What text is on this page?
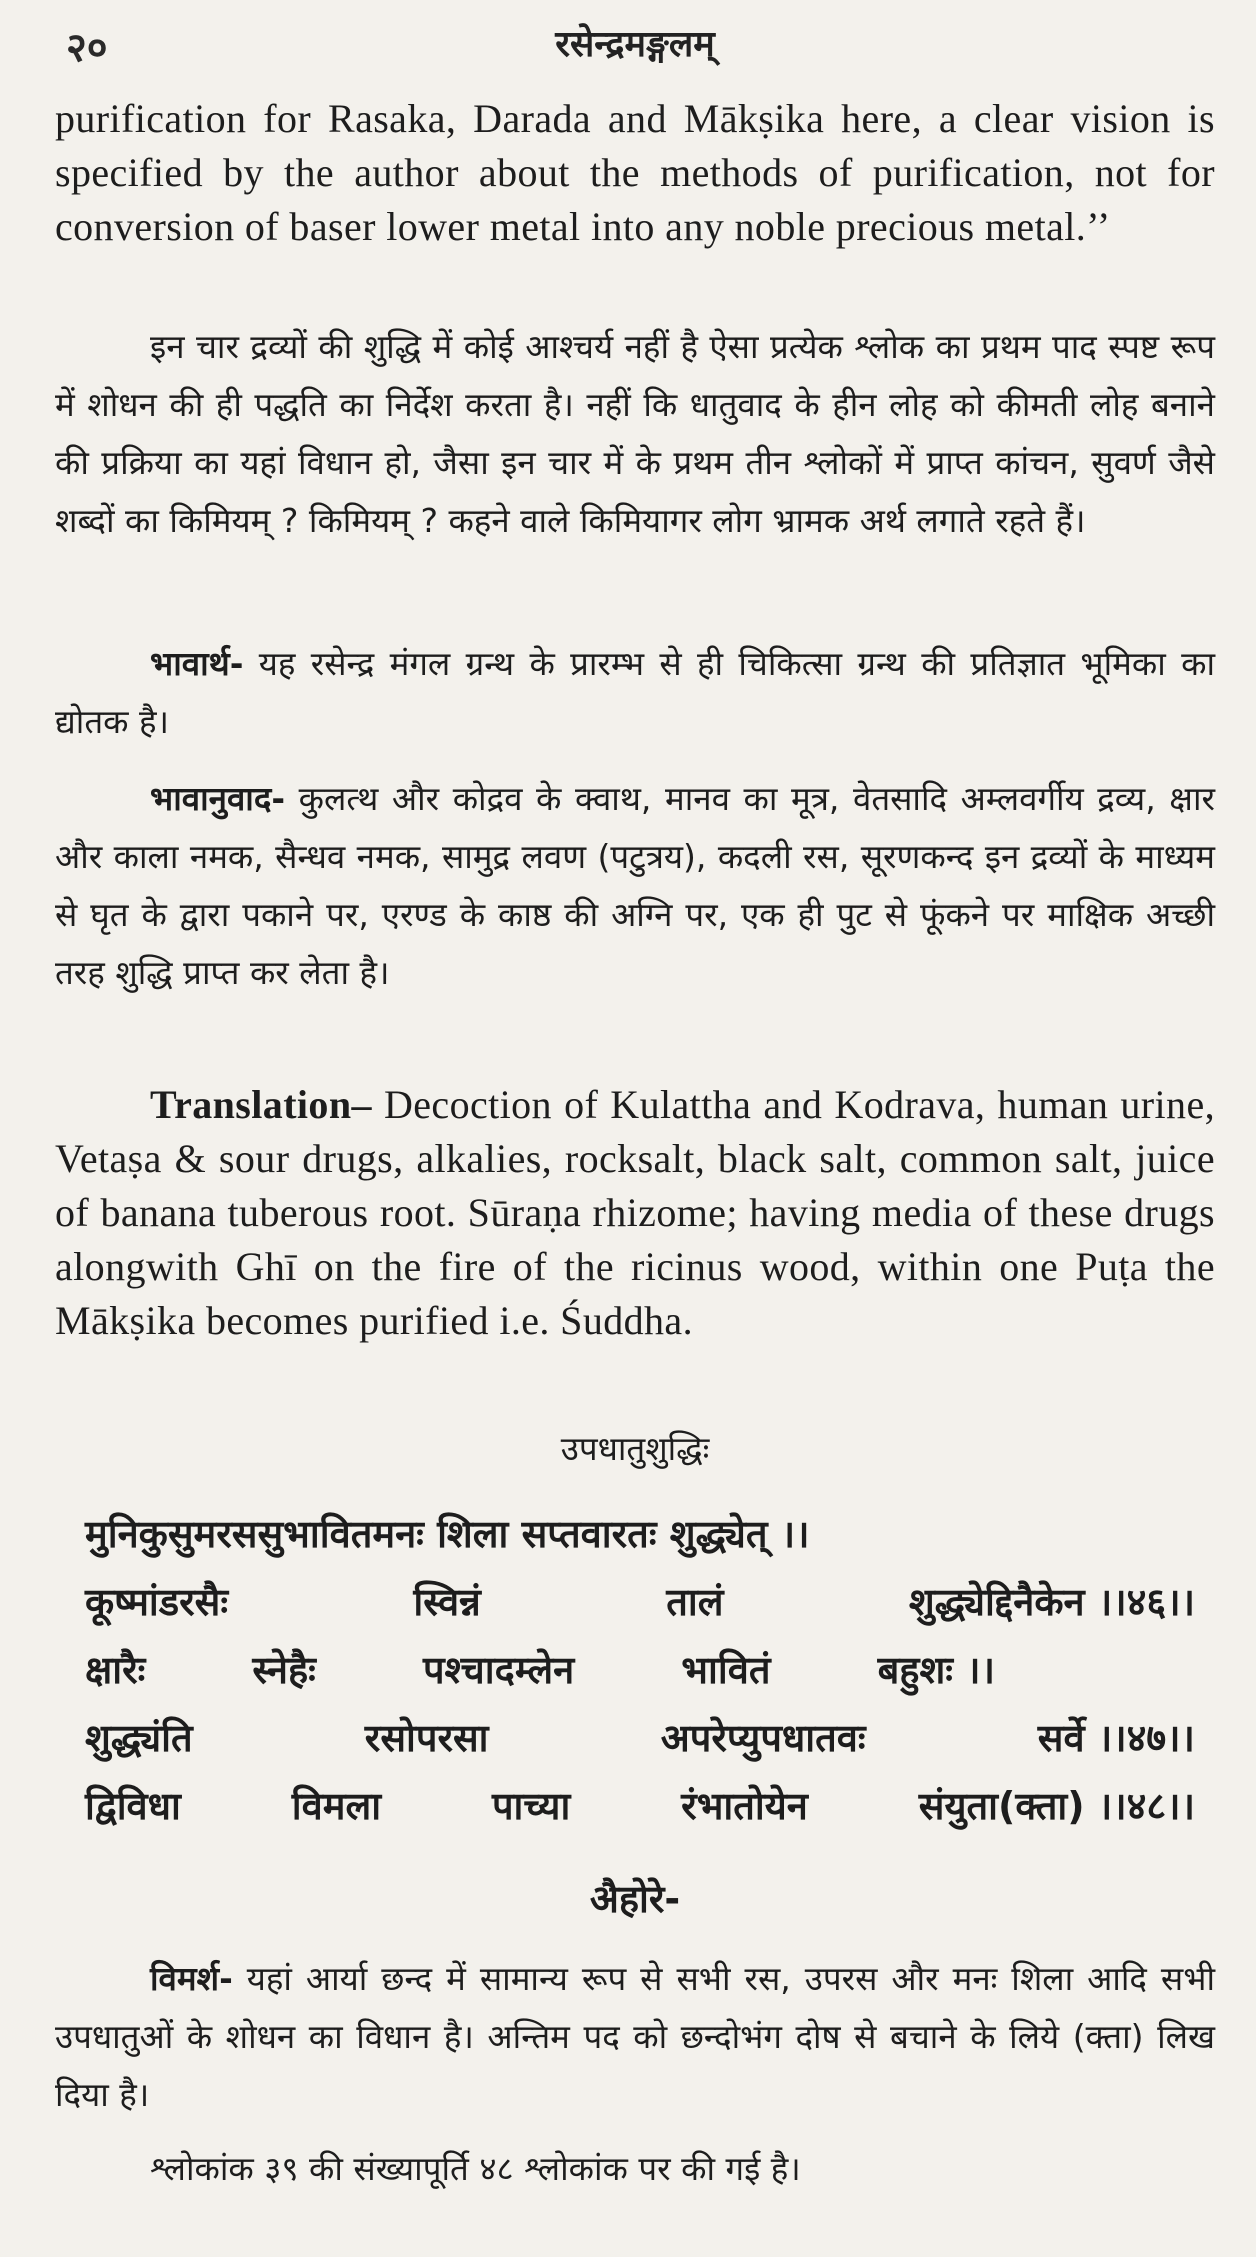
२०	रसेन्द्रमङ्गलम्

purification for Rasaka, Darada and Mākṣika here, a clear vision is specified by the author about the methods of purification, not for conversion of baser lower metal into any noble precious metal.’’

इन चार द्रव्यों की शुद्धि में कोई आश्चर्य नहीं है ऐसा प्रत्येक श्लोक का प्रथम पाद स्पष्ट रूप में शोधन की ही पद्धति का निर्देश करता है। नहीं कि धातुवाद के हीन लोह को कीमती लोह बनाने की प्रक्रिया का यहां विधान हो, जैसा इन चार में के प्रथम तीन श्लोकों में प्राप्त कांचन, सुवर्ण जैसे शब्दों का किमियम् ? किमियम् ? कहने वाले किमियागर लोग भ्रामक अर्थ लगाते रहते हैं।

भावार्थ- यह रसेन्द्र मंगल ग्रन्थ के प्रारम्भ से ही चिकित्सा ग्रन्थ की प्रतिज्ञात भूमिका का द्योतक है।

भावानुवाद- कुलत्थ और कोद्रव के क्वाथ, मानव का मूत्र, वेतसादि अम्लवर्गीय द्रव्य, क्षार और काला नमक, सैन्धव नमक, सामुद्र लवण (पटुत्रय), कदली रस, सूरणकन्द इन द्रव्यों के माध्यम से घृत के द्वारा पकाने पर, एरण्ड के काष्ठ की अग्नि पर, एक ही पुट से फूंकने पर माक्षिक अच्छी तरह शुद्धि प्राप्त कर लेता है।

Translation– Decoction of Kulattha and Kodrava, human urine, Vetaṣa & sour drugs, alkalies, rocksalt, black salt, common salt, juice of banana tuberous root. Sūraṇa rhizome; having media of these drugs alongwith Ghī on the fire of the ricinus wood, within one Puṭa the Mākṣika becomes purified i.e. Śuddha.

उपधातुशुद्धिः
मुनिकुसुमरससुभावितमनः शिला सप्तवारतः शुद्ध्येत् ।।
कूष्मांडरसैः	स्विन्नं	तालं	शुद्ध्येद्दिनैकेन ।।४६।।
क्षारैः	स्नेहैः	पश्चादम्लेन	भावितं	बहुशः ।।
शुद्ध्यंति	रसोपरसा	अपरेप्युपधातवः	सर्वे ।।४७।।
द्विविधा	विमला	पाच्या	रंभातोयेन	संयुता(क्ता) ।।४८।।
अैहोरे-

विमर्श- यहां आर्या छन्द में सामान्य रूप से सभी रस, उपरस और मनः शिला आदि सभी उपधातुओं के शोधन का विधान है। अन्तिम पद को छन्दोभंग दोष से बचाने के लिये (क्ता) लिख दिया है।

श्लोकांक ३९ की संख्यापूर्ति ४८ श्लोकांक पर की गई है।
